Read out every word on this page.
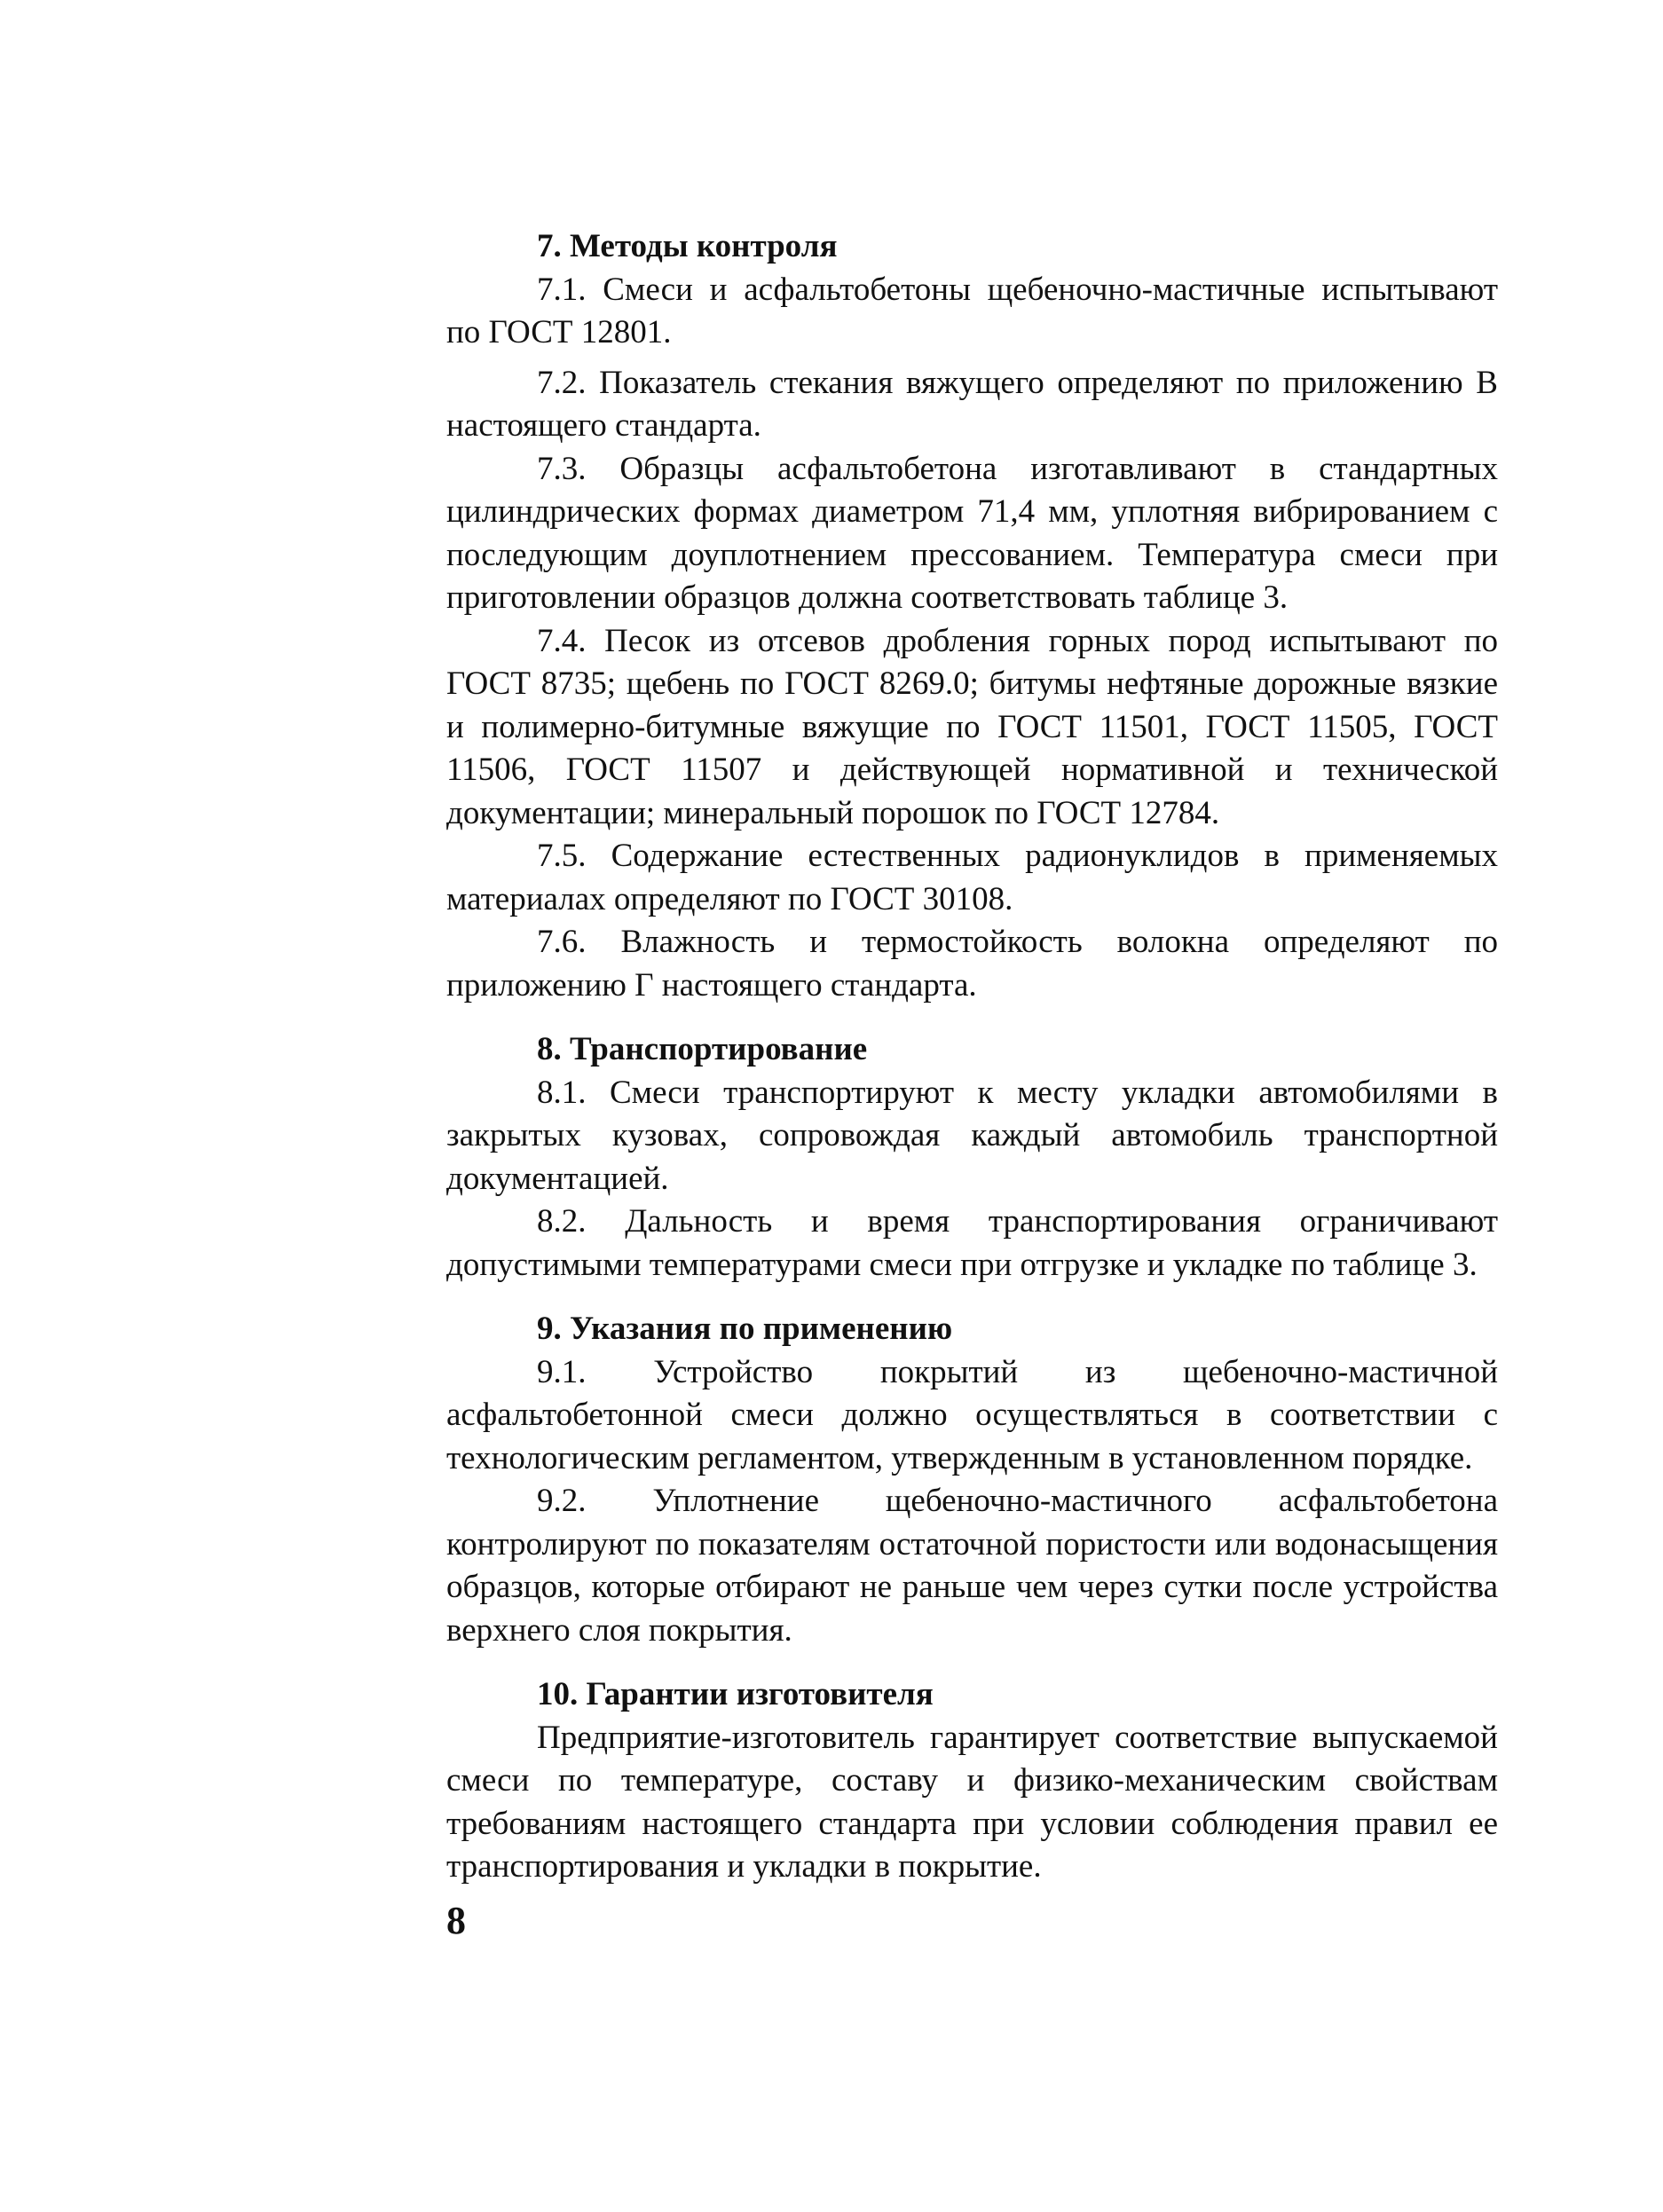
7. Методы контроля

7.1. Смеси и асфальтобетоны щебеночно-мастичные испытывают по ГОСТ 12801.

7.2. Показатель стекания вяжущего определяют по приложению В настоящего стандарта.

7.3. Образцы асфальтобетона изготавливают в стандартных цилиндрических формах диаметром 71,4 мм, уплотняя вибрированием с последующим доуплотнением прессованием. Температура смеси при приготовлении образцов должна соответствовать таблице 3.

7.4. Песок из отсевов дробления горных пород испытывают по ГОСТ 8735; щебень по ГОСТ 8269.0; битумы нефтяные дорожные вязкие и полимерно-битумные вяжущие по ГОСТ 11501, ГОСТ 11505, ГОСТ 11506, ГОСТ 11507 и действующей нормативной и технической документации; минеральный порошок по ГОСТ 12784.

7.5. Содержание естественных радионуклидов в применяемых материалах определяют по ГОСТ 30108.

7.6. Влажность и термостойкость волокна определяют по приложению Г настоящего стандарта.

8. Транспортирование

8.1. Смеси транспортируют к месту укладки автомобилями в закрытых кузовах, сопровождая каждый автомобиль транспортной документацией.

8.2. Дальность и время транспортирования ограничивают допустимыми температурами смеси при отгрузке и укладке по таблице 3.

9. Указания по применению

9.1. Устройство покрытий из щебеночно-мастичной асфальтобетонной смеси должно осуществляться в соответствии с технологическим регламентом, утвержденным в установленном порядке.

9.2. Уплотнение щебеночно-мастичного асфальтобетона контролируют по показателям остаточной пористости или водонасыщения образцов, которые отбирают не раньше чем через сутки после устройства верхнего слоя покрытия.

10. Гарантии изготовителя

Предприятие-изготовитель гарантирует соответствие выпускаемой смеси по температуре, составу и физико-механическим свойствам требованиям настоящего стандарта при условии соблюдения правил ее транспортирования и укладки в покрытие.

8
